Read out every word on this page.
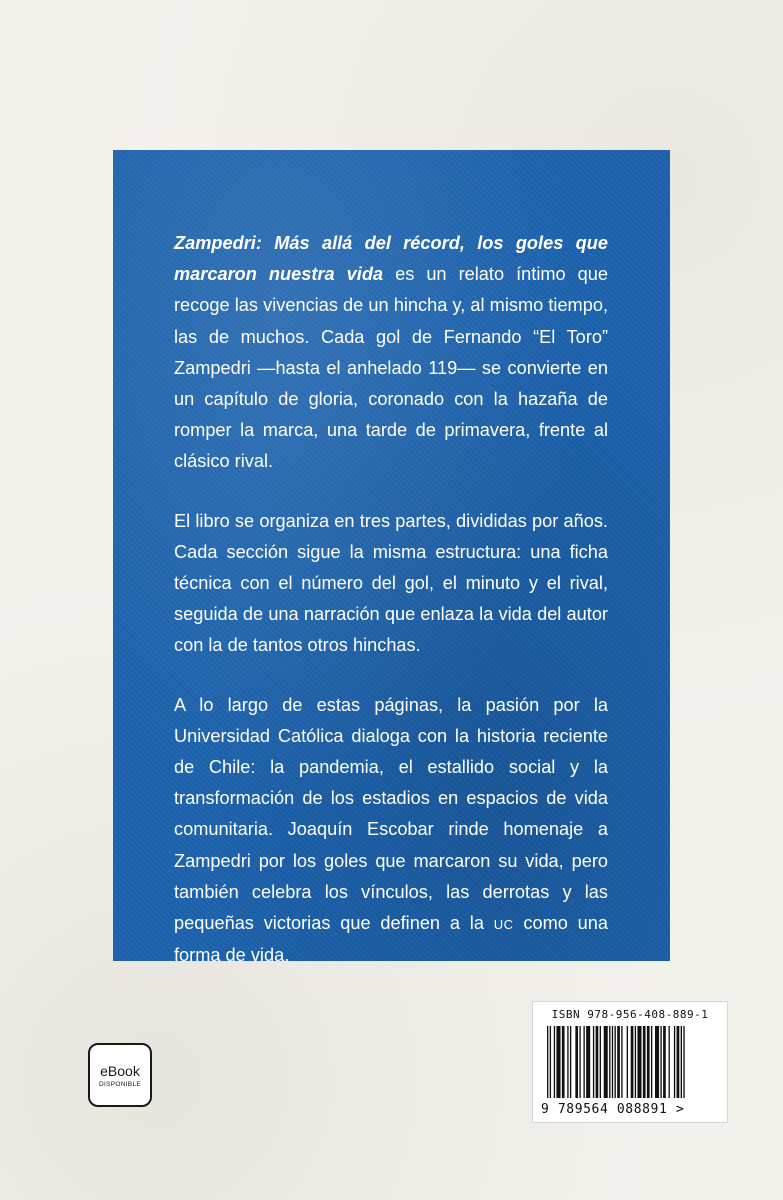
Zampedri: Más allá del récord, los goles que marcaron nuestra vida es un relato íntimo que recoge las vivencias de un hincha y, al mismo tiempo, las de muchos. Cada gol de Fernando “El Toro” Zampedri —hasta el anhelado 119— se convierte en un capítulo de gloria, coronado con la hazaña de romper la marca, una tarde de primavera, frente al clásico rival.

El libro se organiza en tres partes, divididas por años. Cada sección sigue la misma estructura: una ficha técnica con el número del gol, el minuto y el rival, seguida de una narración que enlaza la vida del autor con la de tantos otros hinchas.

A lo largo de estas páginas, la pasión por la Universidad Católica dialoga con la historia reciente de Chile: la pandemia, el estallido social y la transformación de los estadios en espacios de vida comunitaria. Joaquín Escobar rinde homenaje a Zampedri por los goles que marcaron su vida, pero también celebra los vínculos, las derrotas y las pequeñas victorias que definen a la UC como una forma de vida.

eBook
DISPONIBLE
ISBN 978-956-408-889-1
9 789564 088891 >
